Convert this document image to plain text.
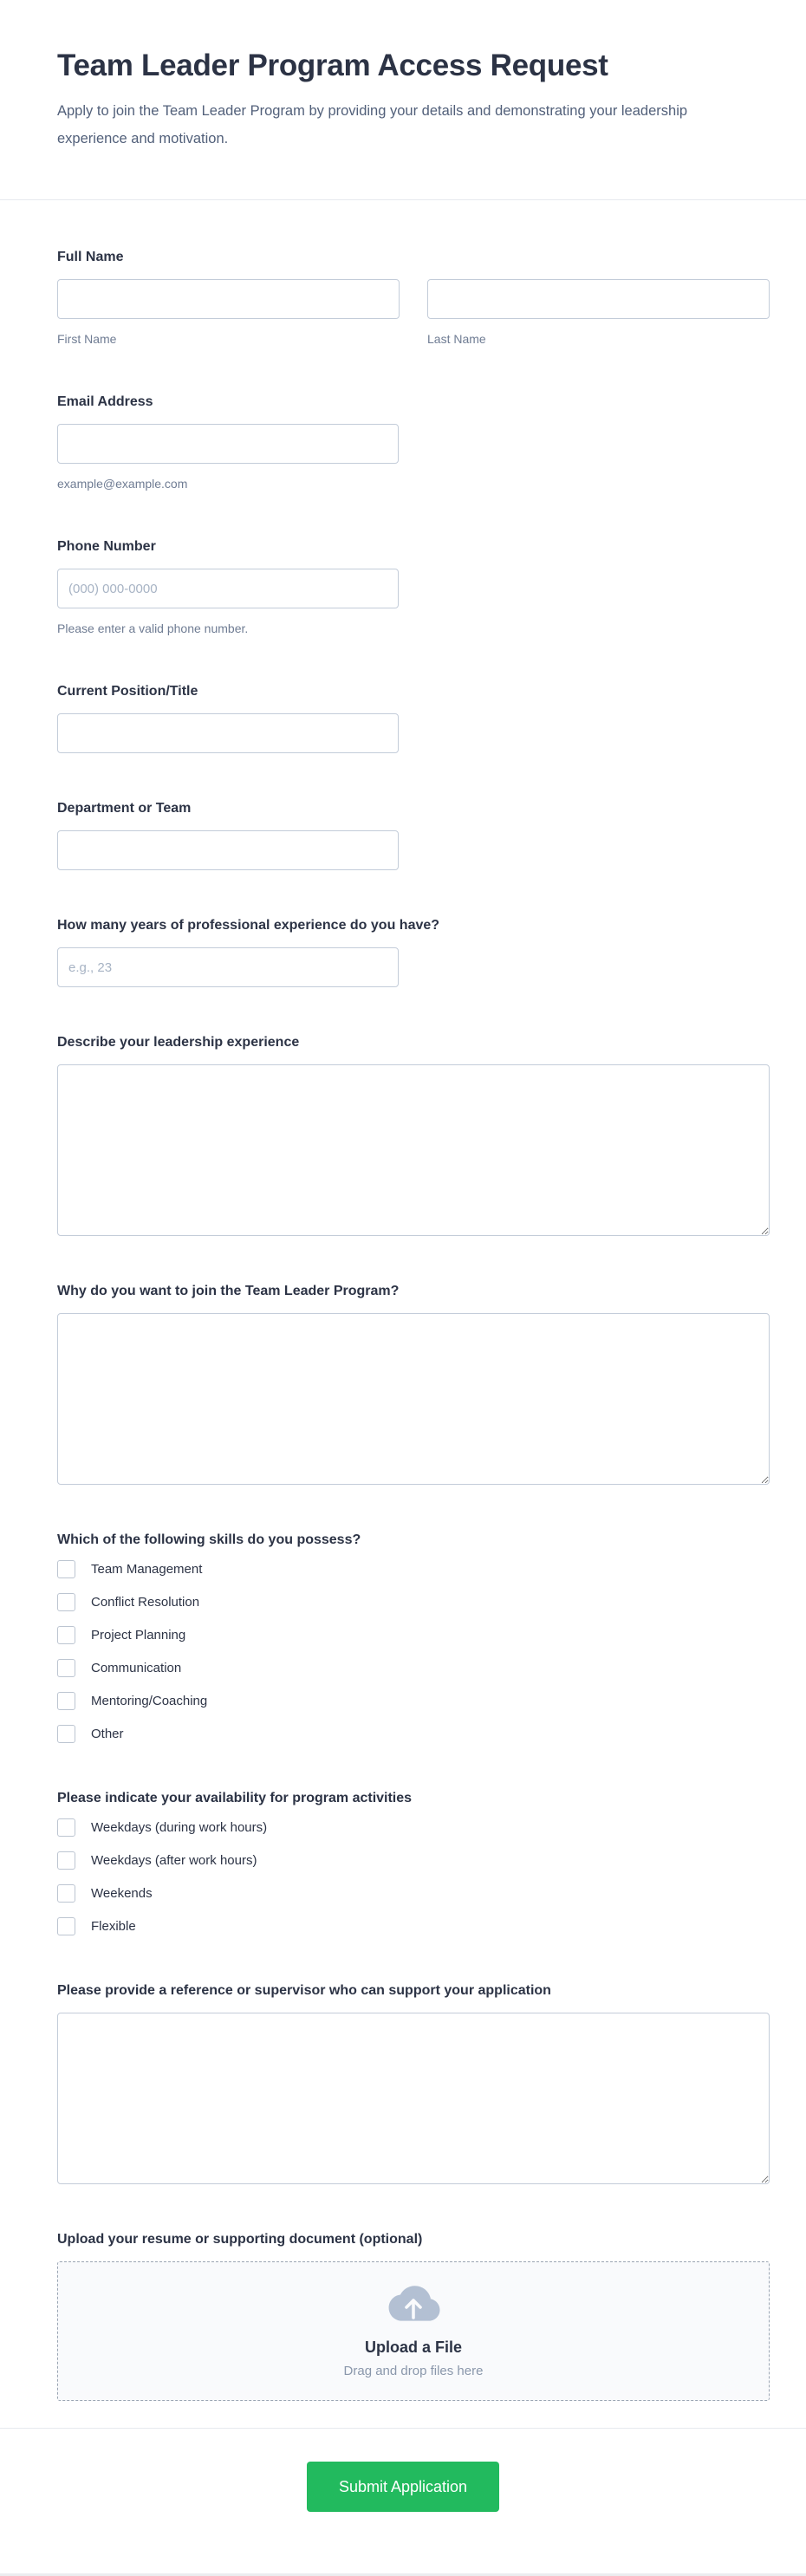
Team Leader Program Access Request

Apply to join the Team Leader Program by providing your details and demonstrating your leadership experience and motivation.

Full Name
First Name	Last Name
Email Address
example@example.com
Phone Number
(000) 000-0000
Please enter a valid phone number.
Current Position/Title
Department or Team
How many years of professional experience do you have?
e.g., 23
Describe your leadership experience
Why do you want to join the Team Leader Program?
Which of the following skills do you possess?
Team Management
Conflict Resolution
Project Planning
Communication
Mentoring/Coaching
Other
Please indicate your availability for program activities
Weekdays (during work hours)
Weekdays (after work hours)
Weekends
Flexible
Please provide a reference or supervisor who can support your application
Upload your resume or supporting document (optional)
Upload a File
Drag and drop files here
Submit Application
